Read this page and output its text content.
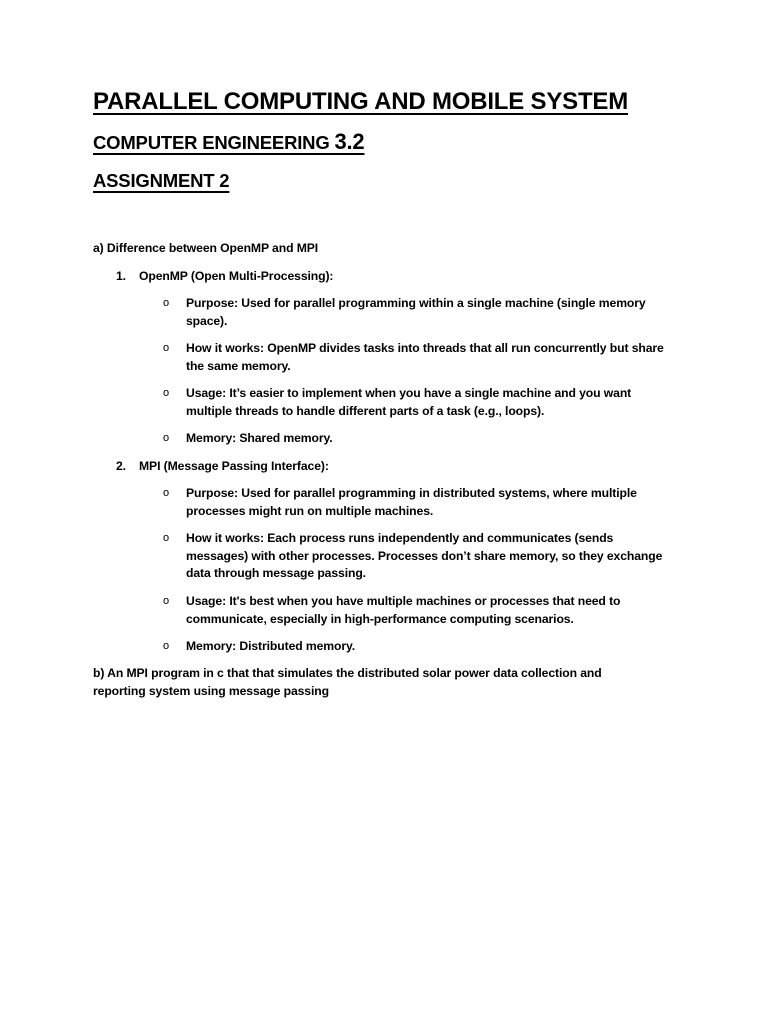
PARALLEL COMPUTING AND MOBILE SYSTEM
COMPUTER ENGINEERING 3.2
ASSIGNMENT 2

a) Difference between OpenMP and MPI

1. OpenMP (Open Multi-Processing):

o Purpose: Used for parallel programming within a single machine (single memory space).
o How it works: OpenMP divides tasks into threads that all run concurrently but share the same memory.
o Usage: It’s easier to implement when you have a single machine and you want multiple threads to handle different parts of a task (e.g., loops).
o Memory: Shared memory.

2. MPI (Message Passing Interface):

o Purpose: Used for parallel programming in distributed systems, where multiple processes might run on multiple machines.
o How it works: Each process runs independently and communicates (sends messages) with other processes. Processes don’t share memory, so they exchange data through message passing.
o Usage: It's best when you have multiple machines or processes that need to communicate, especially in high-performance computing scenarios.
o Memory: Distributed memory.

b) An MPI program in c that that simulates the distributed solar power data collection and reporting system using message passing
